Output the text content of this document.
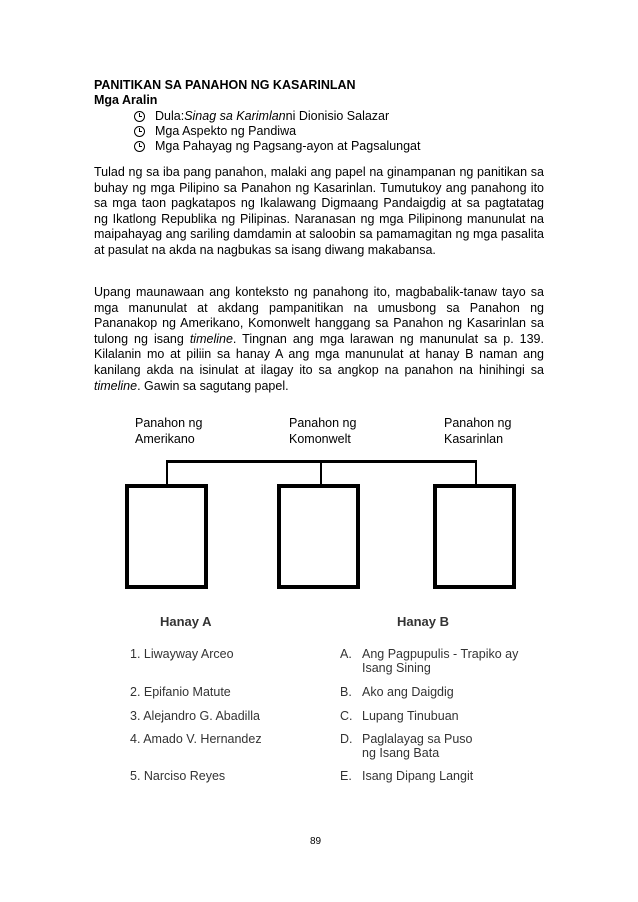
PANITIKAN SA PANAHON NG KASARINLAN
Mga Aralin
Dula: Sinag sa Karimlan ni Dionisio Salazar
Mga Aspekto ng Pandiwa
Mga Pahayag ng Pagsang-ayon at Pagsalungat

Tulad ng sa iba pang panahon, malaki ang papel na ginampanan ng panitikan sa buhay ng mga Pilipino sa Panahon ng Kasarinlan. Tumutukoy ang panahong ito sa mga taon pagkatapos ng Ikalawang Digmaang Pandaigdig at sa pagtatatag ng Ikatlong Republika ng Pilipinas. Naranasan ng mga Pilipinong manunulat na maipahayag ang sariling damdamin at saloobin sa pamamagitan ng mga pasalita at pasulat na akda na nagbukas sa isang diwang makabansa.

Upang maunawaan ang konteksto ng panahong ito, magbabalik-tanaw tayo sa mga manunulat at akdang pampanitikan na umusbong sa Panahon ng Pananakop ng Amerikano, Komonwelt hanggang sa Panahon ng Kasarinlan sa tulong ng isang timeline. Tingnan ang mga larawan ng manunulat sa p. 139. Kilalanin mo at piliin sa hanay A ang mga manunulat at hanay B naman ang kanilang akda na isinulat at ilagay ito sa angkop na panahon na hinihingi sa timeline. Gawin sa sagutang papel.

Panahon ng
Amerikano
Panahon ng
Komonwelt
Panahon ng
Kasarinlan
Hanay A	Hanay B
1. Liwayway Arceo
2. Epifanio Matute
3. Alejandro G. Abadilla
4. Amado V. Hernandez
5. Narciso Reyes
A. Ang Pagpupulis - Trapiko ay
Isang Sining
B. Ako ang Daigdig
C. Lupang Tinubuan
D. Paglalayag sa Puso
ng Isang Bata
E. Isang Dipang Langit
89
